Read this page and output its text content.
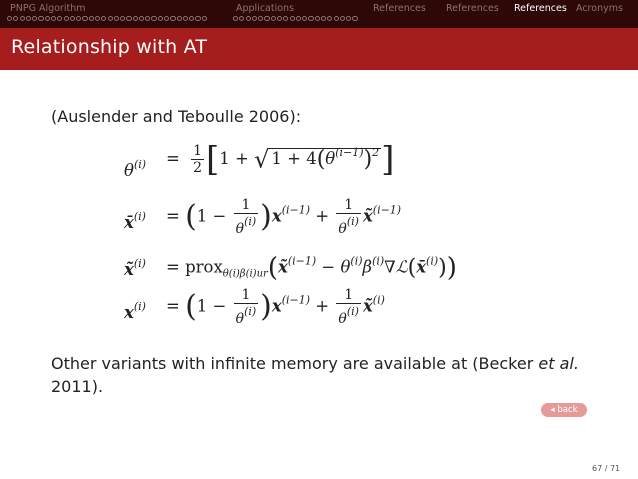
PNPG Algorithm	Applications	References References References Acronyms
Relationship with AT
(Auslender and Teboulle 2006):
$\theta^{(i)} = \frac{1}{2} [1$ + √ $1 + 4(\theta^{(i-1)})^2$]
x̄$^{(i)}$ = $(1 - \frac{1}{\theta^{(i)}} )x^{(i-1)} + \frac{1}{\theta^{(i)}}$ x̃$^{(i-1)}$
x̃$^{(i)}$ = prox$_{\theta(i)\beta(i)ur}$(x̃$^{(i-1)}$ − $\theta^{(i)}\beta^{(i)}\nabla ℒ(x̄^{(i)})$)
$x^{(i)} = (1 - \frac{1}{\theta^{(i)}} )x^{(i-1)} + \frac{1}{\theta^{(i)}}$ x̃$^{(i)}$
Other variants with infinite memory are available at (Becker et al. 2011).
◂ back
67 / 71
